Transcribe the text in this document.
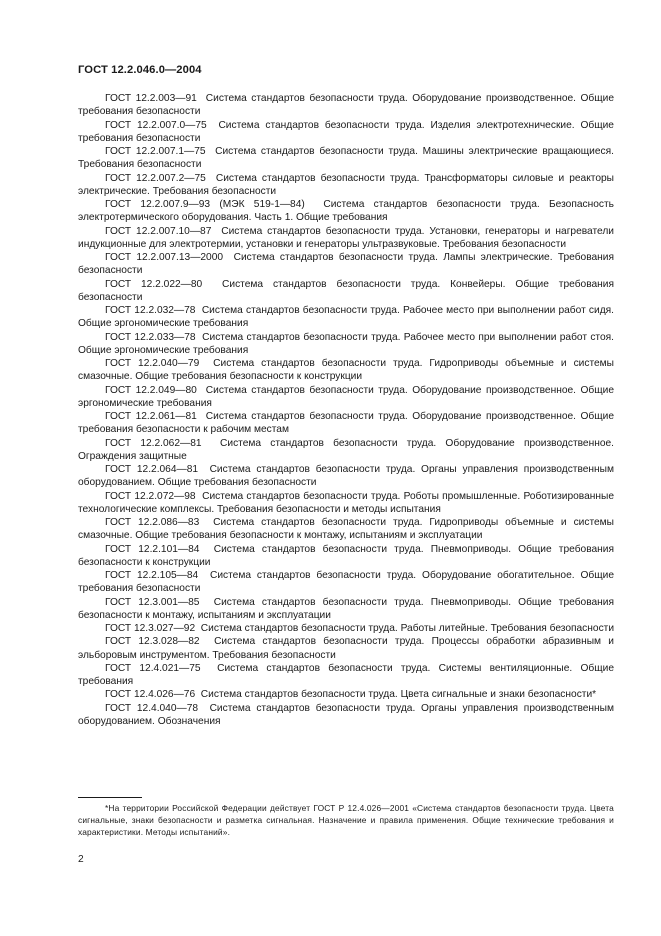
ГОСТ 12.2.046.0—2004

ГОСТ 12.2.003—91 Система стандартов безопасности труда. Оборудование производственное. Общие требования безопасности

ГОСТ 12.2.007.0—75 Система стандартов безопасности труда. Изделия электротехнические. Общие требования безопасности

ГОСТ 12.2.007.1—75 Система стандартов безопасности труда. Машины электрические вращающиеся. Требования безопасности

ГОСТ 12.2.007.2—75 Система стандартов безопасности труда. Трансформаторы силовые и реакторы электрические. Требования безопасности

ГОСТ 12.2.007.9—93 (МЭК 519-1—84) Система стандартов безопасности труда. Безопасность электротермического оборудования. Часть 1. Общие требования

ГОСТ 12.2.007.10—87 Система стандартов безопасности труда. Установки, генераторы и нагреватели индукционные для электротермии, установки и генераторы ультразвуковые. Требования безопасности

ГОСТ 12.2.007.13—2000 Система стандартов безопасности труда. Лампы электрические. Требования безопасности

ГОСТ 12.2.022—80 Система стандартов безопасности труда. Конвейеры. Общие требования безопасности

ГОСТ 12.2.032—78 Система стандартов безопасности труда. Рабочее место при выполнении работ сидя. Общие эргономические требования

ГОСТ 12.2.033—78 Система стандартов безопасности труда. Рабочее место при выполнении работ стоя. Общие эргономические требования

ГОСТ 12.2.040—79 Система стандартов безопасности труда. Гидроприводы объемные и системы смазочные. Общие требования безопасности к конструкции

ГОСТ 12.2.049—80 Система стандартов безопасности труда. Оборудование производственное. Общие эргономические требования

ГОСТ 12.2.061—81 Система стандартов безопасности труда. Оборудование производственное. Общие требования безопасности к рабочим местам

ГОСТ 12.2.062—81 Система стандартов безопасности труда. Оборудование производственное. Ограждения защитные

ГОСТ 12.2.064—81 Система стандартов безопасности труда. Органы управления производственным оборудованием. Общие требования безопасности

ГОСТ 12.2.072—98 Система стандартов безопасности труда. Роботы промышленные. Роботизированные технологические комплексы. Требования безопасности и методы испытания

ГОСТ 12.2.086—83 Система стандартов безопасности труда. Гидроприводы объемные и системы смазочные. Общие требования безопасности к монтажу, испытаниям и эксплуатации

ГОСТ 12.2.101—84 Система стандартов безопасности труда. Пневмоприводы. Общие требования безопасности к конструкции

ГОСТ 12.2.105—84 Система стандартов безопасности труда. Оборудование обогатительное. Общие требования безопасности

ГОСТ 12.3.001—85 Система стандартов безопасности труда. Пневмоприводы. Общие требования безопасности к монтажу, испытаниям и эксплуатации

ГОСТ 12.3.027—92 Система стандартов безопасности труда. Работы литейные. Требования безопасности

ГОСТ 12.3.028—82 Система стандартов безопасности труда. Процессы обработки абразивным и эльборовым инструментом. Требования безопасности

ГОСТ 12.4.021—75 Система стандартов безопасности труда. Системы вентиляционные. Общие требования

ГОСТ 12.4.026—76 Система стандартов безопасности труда. Цвета сигнальные и знаки безопасности*

ГОСТ 12.4.040—78 Система стандартов безопасности труда. Органы управления производственным оборудованием. Обозначения

*На территории Российской Федерации действует ГОСТ Р 12.4.026—2001 «Система стандартов безопасности труда. Цвета сигнальные, знаки безопасности и разметка сигнальная. Назначение и правила применения. Общие технические требования и характеристики. Методы испытаний».
2
